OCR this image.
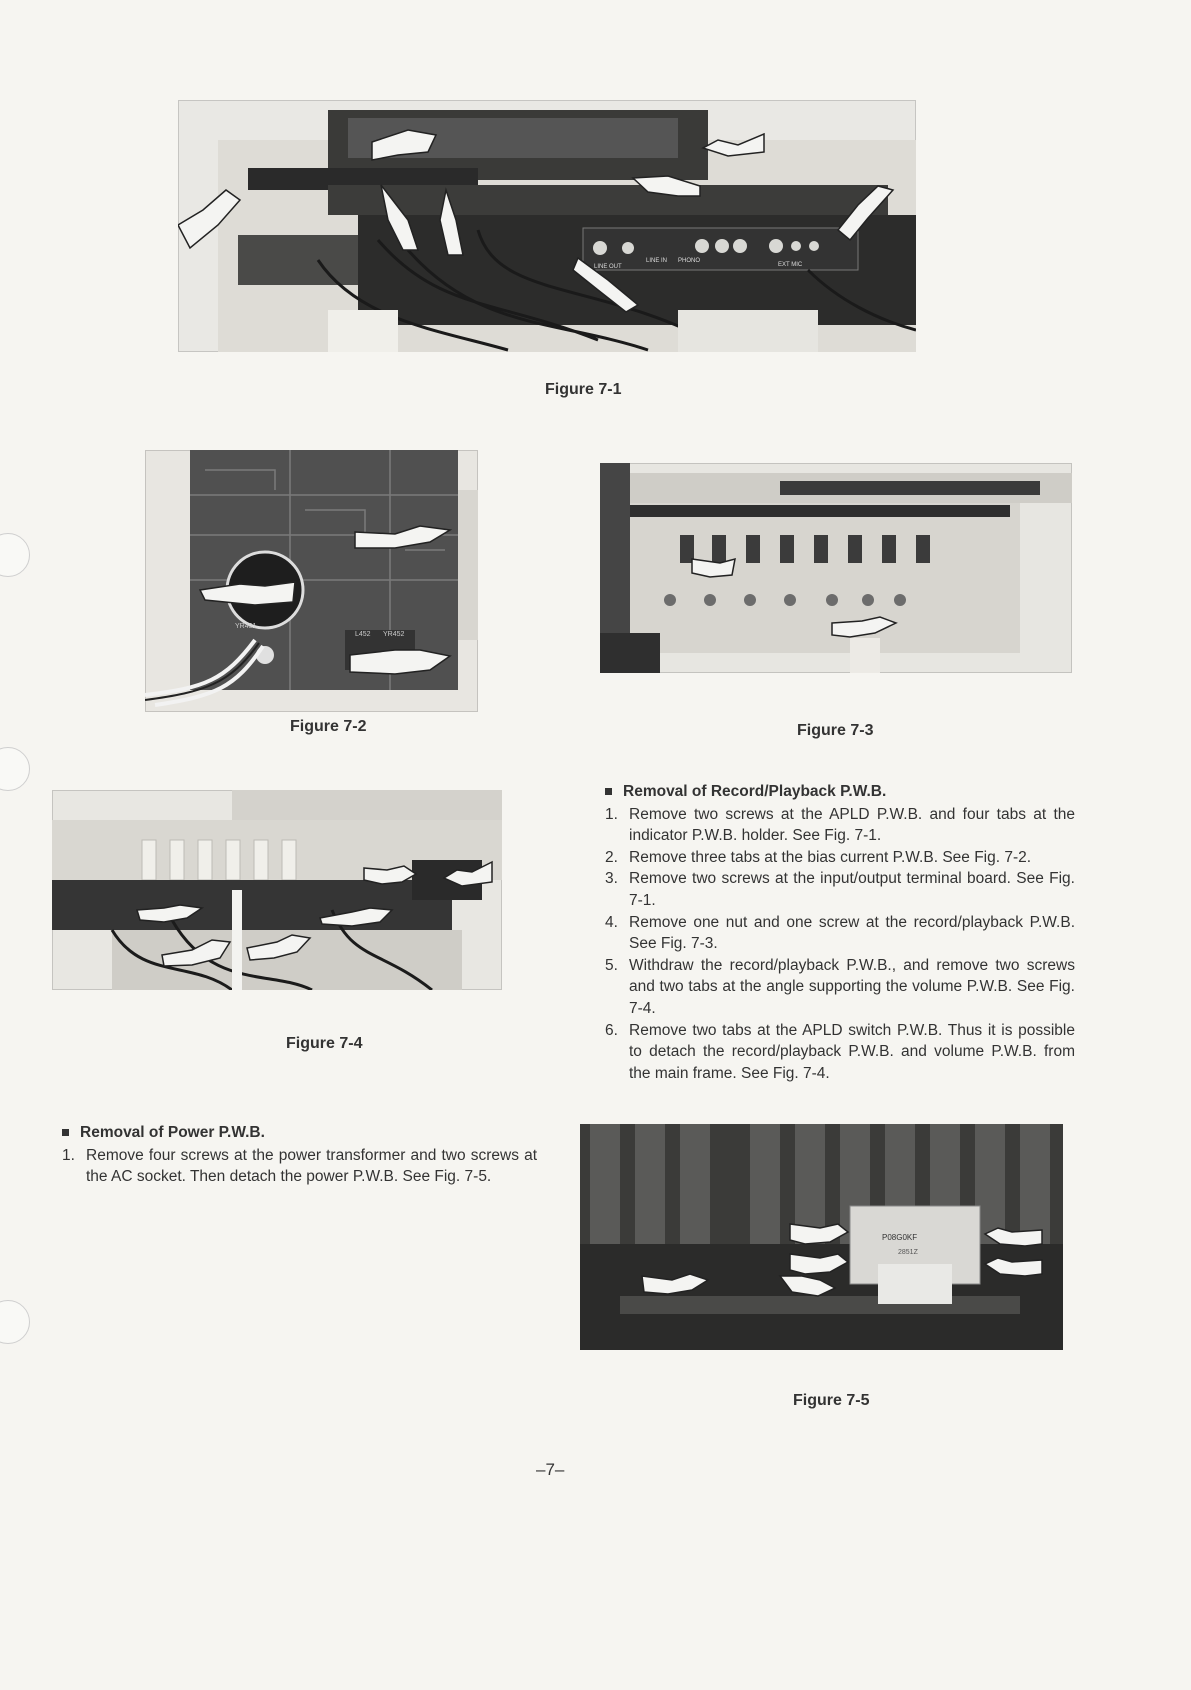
LINE OUT
LINE IN PHONO
EXT MIC
Figure 7-1
YR451
L452 YR452
Figure 7-2	Figure 7-3
Figure 7-4
Removal of Record/Playback P.W.B.
1. Remove two screws at the APLD P.W.B. and four tabs at the indicator P.W.B. holder. See Fig. 7-1.
2. Remove three tabs at the bias current P.W.B. See Fig. 7-2.
3. Remove two screws at the input/output terminal board. See Fig. 7-1.
4. Remove one nut and one screw at the record/playback P.W.B. See Fig. 7-3.
5. Withdraw the record/playback P.W.B., and remove two screws and two tabs at the angle supporting the volume P.W.B. See Fig. 7-4.
6. Remove two tabs at the APLD switch P.W.B. Thus it is possible to detach the record/playback P.W.B. and volume P.W.B. from the main frame. See Fig. 7-4.
Removal of Power P.W.B.
1. Remove four screws at the power transformer and two screws at the AC socket. Then detach the power P.W.B. See Fig. 7-5.
P08G0KF
2851Z
Figure 7-5
–7–
